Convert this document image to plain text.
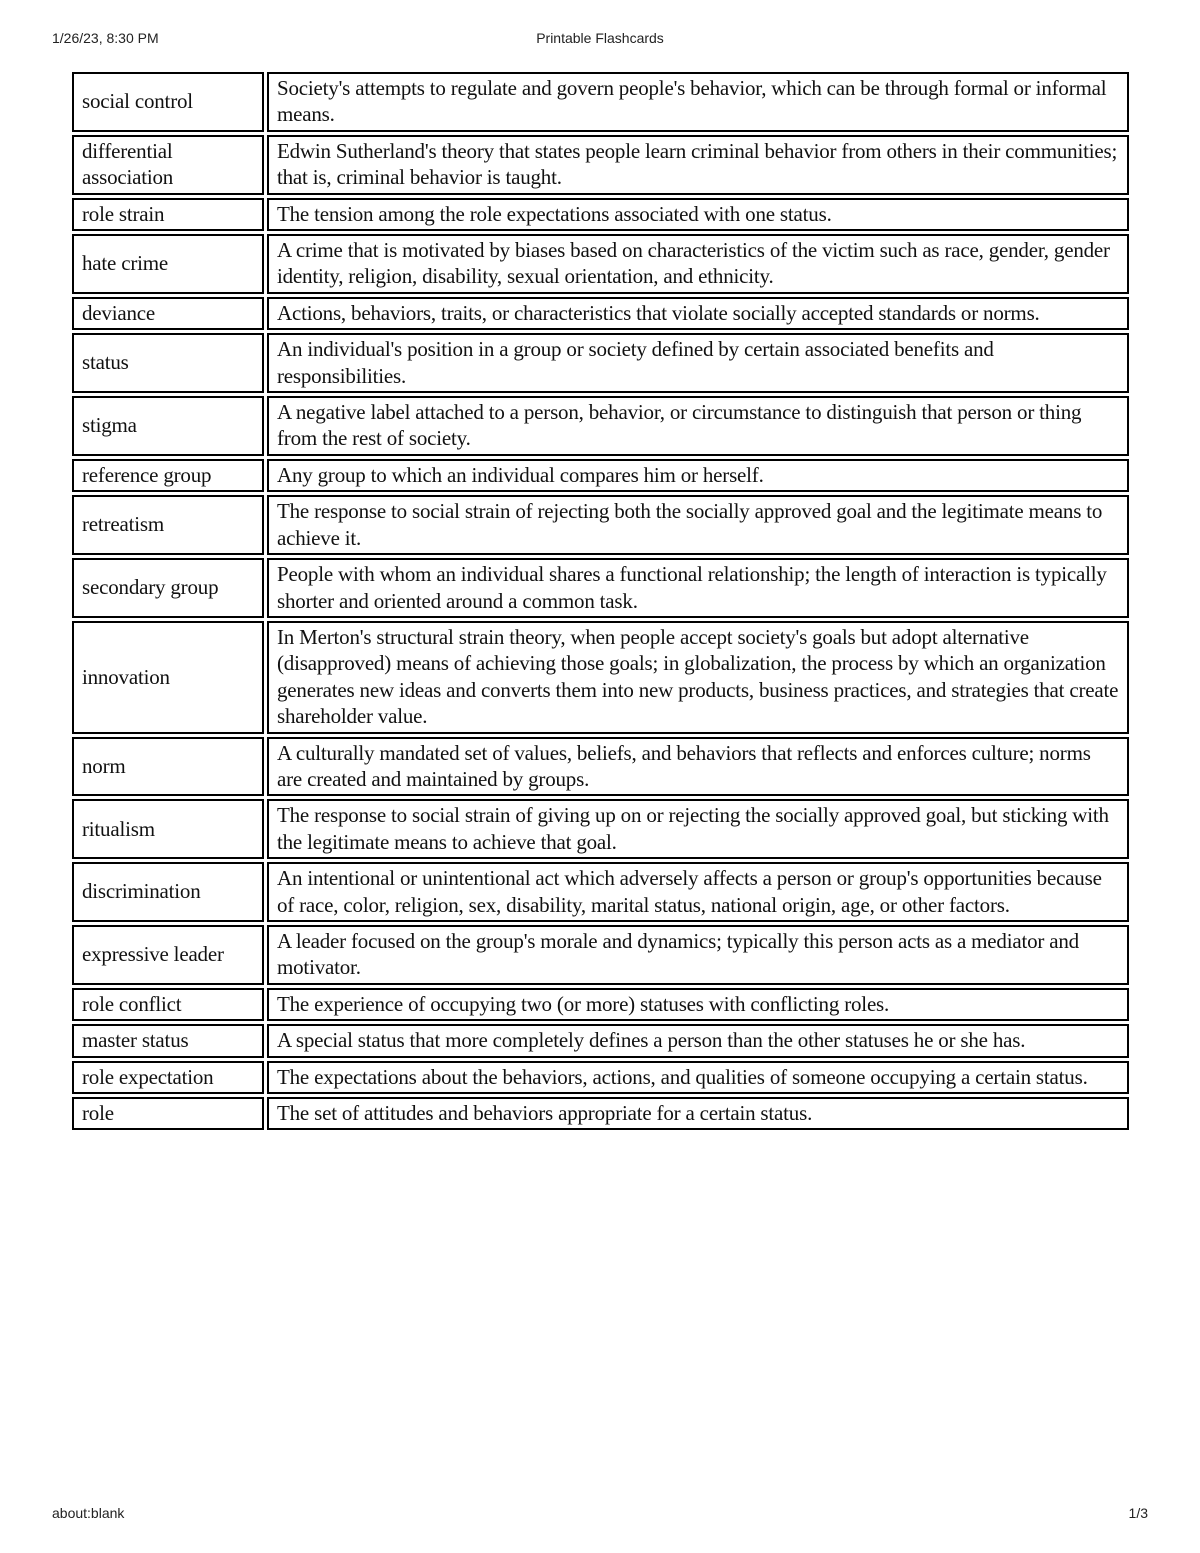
1/26/23, 8:30 PM	Printable Flashcards
social control	Society's attempts to regulate and govern people's behavior, which can be through formal or informal means.
differential association	Edwin Sutherland's theory that states people learn criminal behavior from others in their communities; that is, criminal behavior is taught.
role strain	The tension among the role expectations associated with one status.
hate crime	A crime that is motivated by biases based on characteristics of the victim such as race, gender, gender identity, religion, disability, sexual orientation, and ethnicity.
deviance	Actions, behaviors, traits, or characteristics that violate socially accepted standards or norms.
status	An individual's position in a group or society defined by certain associated benefits and responsibilities.
stigma	A negative label attached to a person, behavior, or circumstance to distinguish that person or thing from the rest of society.
reference group	Any group to which an individual compares him or herself.
retreatism	The response to social strain of rejecting both the socially approved goal and the legitimate means to achieve it.
secondary group	People with whom an individual shares a functional relationship; the length of interaction is typically shorter and oriented around a common task.
innovation	In Merton's structural strain theory, when people accept society's goals but adopt alternative (disapproved) means of achieving those goals; in globalization, the process by which an organization generates new ideas and converts them into new products, business practices, and strategies that create shareholder value.
norm	A culturally mandated set of values, beliefs, and behaviors that reflects and enforces culture; norms are created and maintained by groups.
ritualism	The response to social strain of giving up on or rejecting the socially approved goal, but sticking with the legitimate means to achieve that goal.
discrimination	An intentional or unintentional act which adversely affects a person or group's opportunities because of race, color, religion, sex, disability, marital status, national origin, age, or other factors.
expressive leader	A leader focused on the group's morale and dynamics; typically this person acts as a mediator and motivator.
role conflict	The experience of occupying two (or more) statuses with conflicting roles.
master status	A special status that more completely defines a person than the other statuses he or she has.
role expectation	The expectations about the behaviors, actions, and qualities of someone occupying a certain status.
role	The set of attitudes and behaviors appropriate for a certain status.
about:blank	1/3
